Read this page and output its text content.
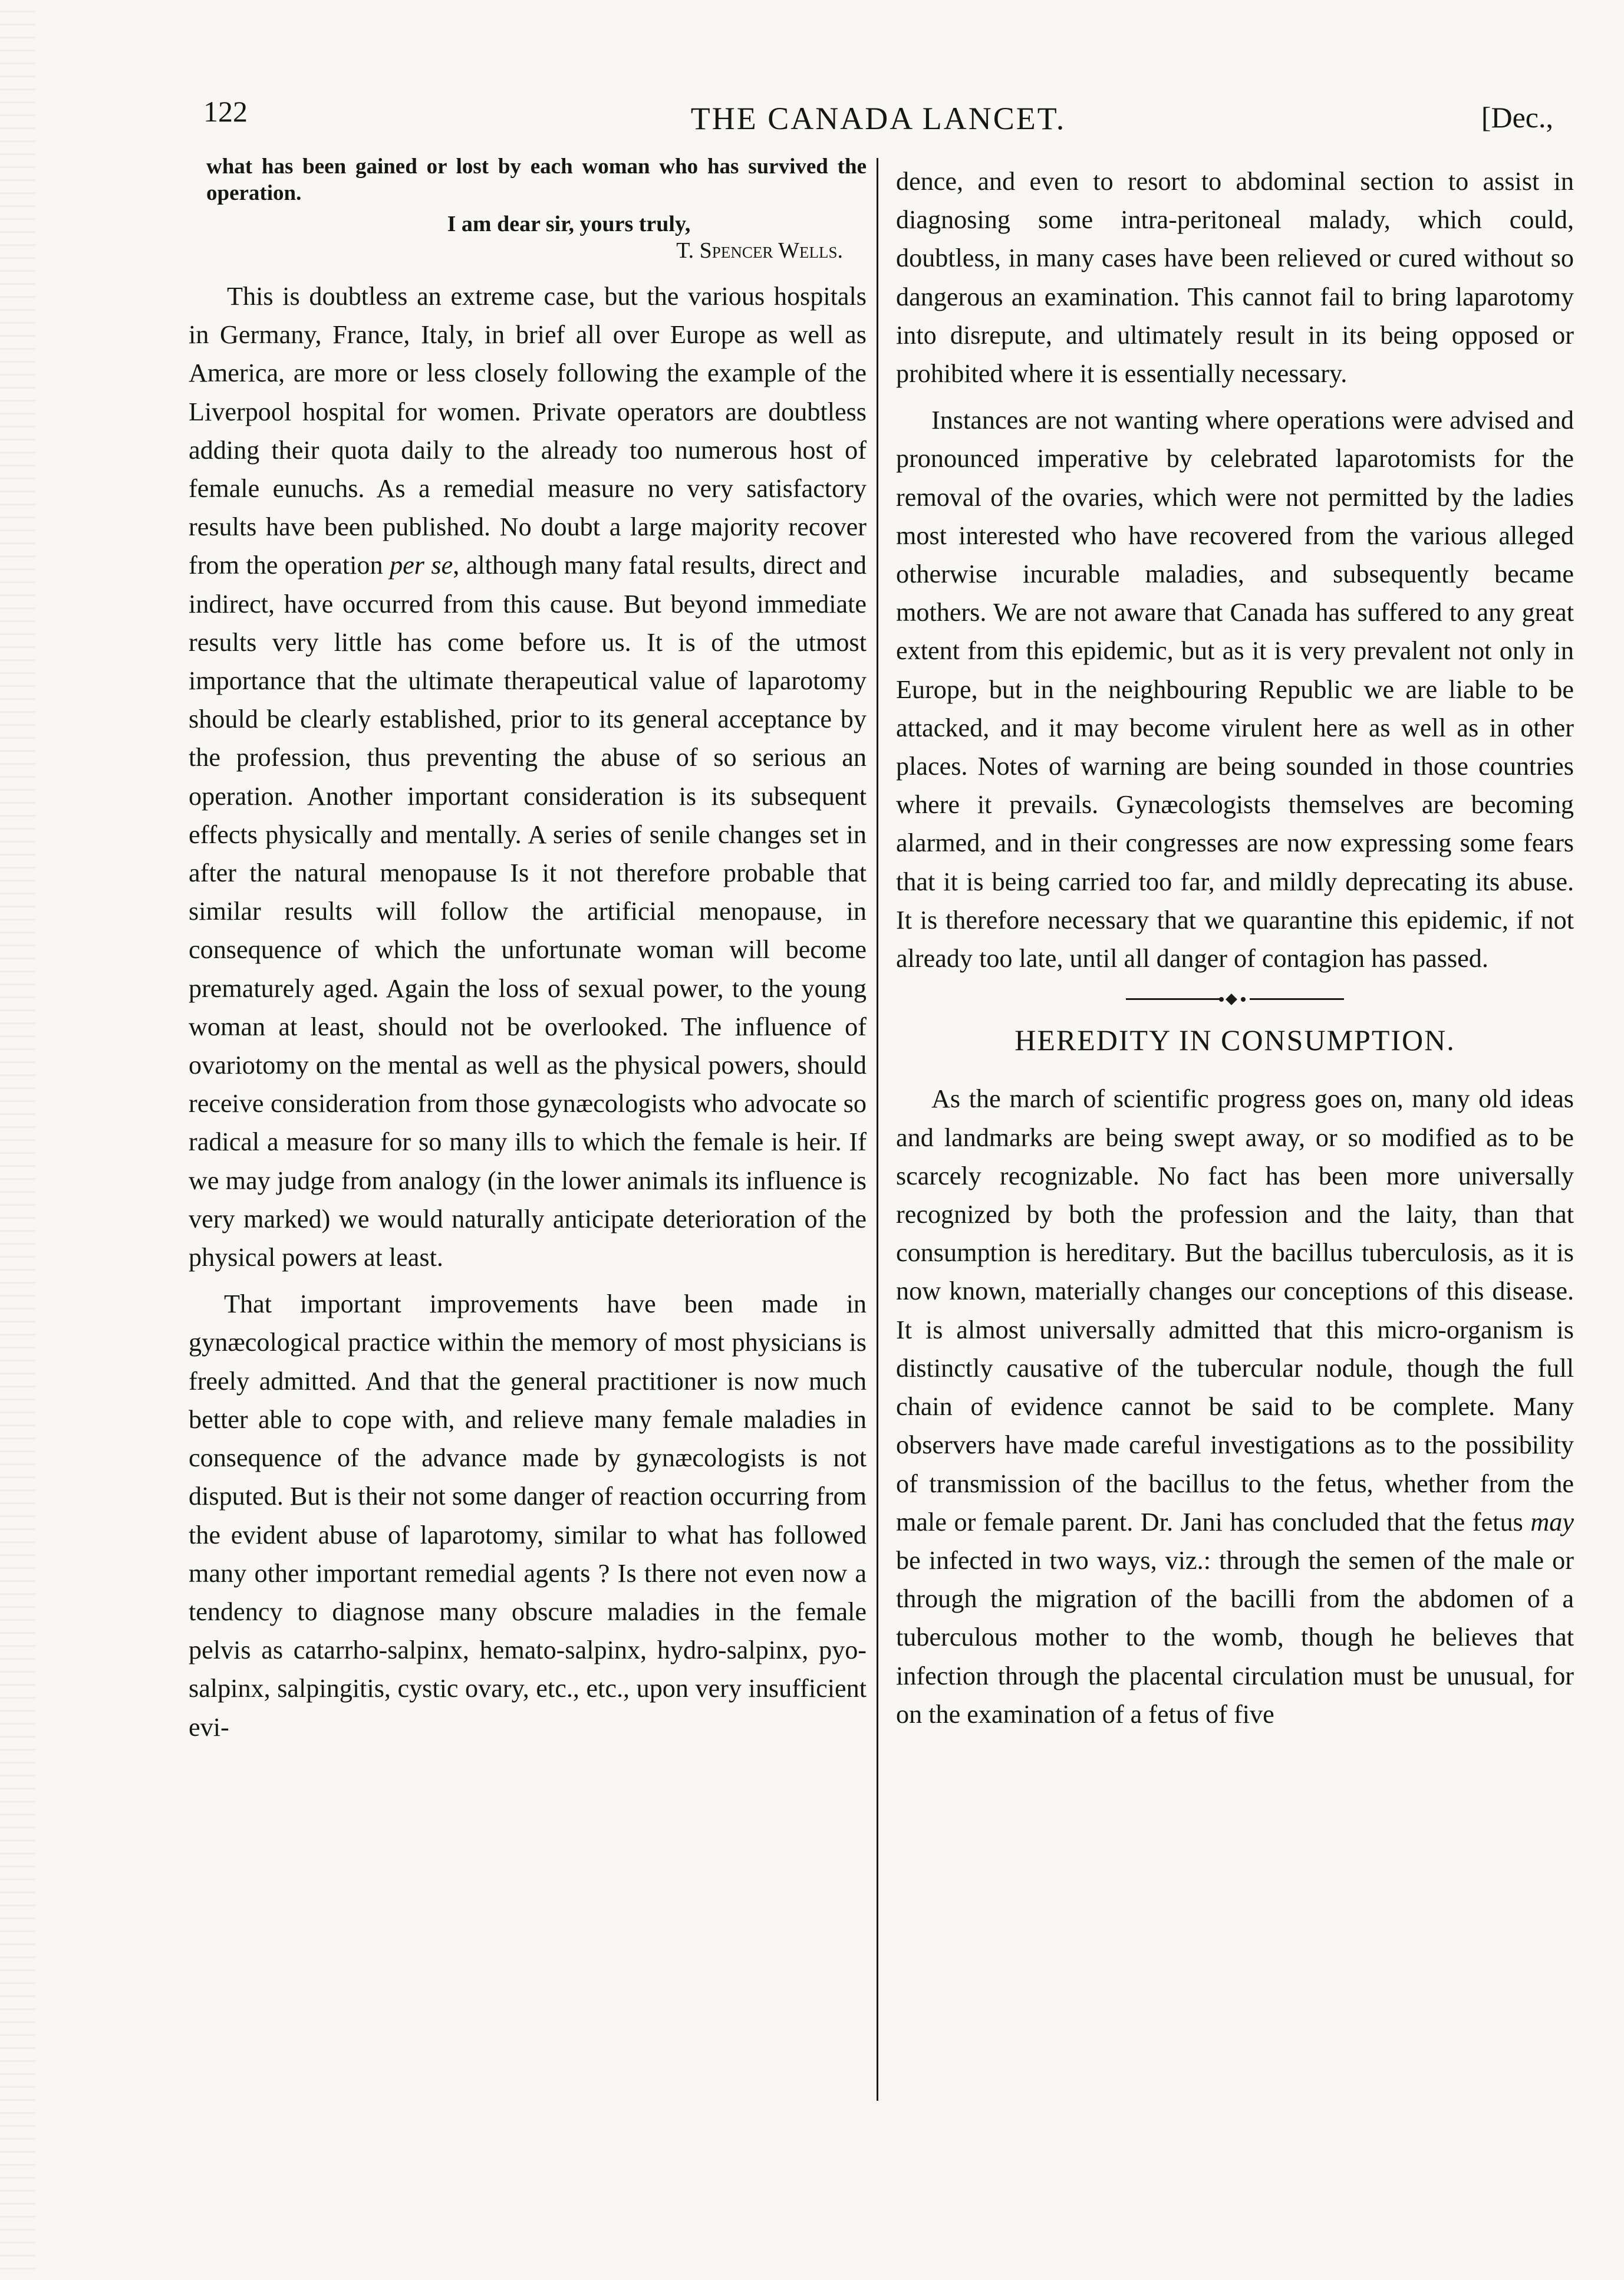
122	THE CANADA LANCET.	[Dec.,
what has been gained or lost by each woman who has survived the operation.
I am dear sir, yours truly,
T. Spencer Wells.

This is doubtless an extreme case, but the various hospitals in Germany, France, Italy, in brief all over Europe as well as America, are more or less closely following the example of the Liverpool hospital for women. Private operators are doubtless adding their quota daily to the already too numerous host of female eunuchs. As a remedial measure no very satisfactory results have been published. No doubt a large majority recover from the operation per se, although many fatal results, direct and indirect, have occurred from this cause. But beyond immediate results very little has come before us. It is of the utmost importance that the ultimate therapeutical value of laparotomy should be clearly established, prior to its general acceptance by the profession, thus preventing the abuse of so serious an operation. Another important consideration is its subsequent effects physically and mentally. A series of senile changes set in after the natural menopause Is it not therefore probable that similar results will follow the artificial menopause, in consequence of which the unfortunate woman will become prematurely aged. Again the loss of sexual power, to the young woman at least, should not be overlooked. The influence of ovariotomy on the mental as well as the physical powers, should receive consideration from those gynæcologists who advocate so radical a measure for so many ills to which the female is heir. If we may judge from analogy (in the lower animals its influence is very marked) we would naturally anticipate deterioration of the physical powers at least.

That important improvements have been made in gynæcological practice within the memory of most physicians is freely admitted. And that the general practitioner is now much better able to cope with, and relieve many female maladies in consequence of the advance made by gynæcologists is not disputed. But is their not some danger of reaction occurring from the evident abuse of laparotomy, similar to what has followed many other important remedial agents ? Is there not even now a tendency to diagnose many obscure maladies in the female pelvis as catarrho-salpinx, hemato-salpinx, hydro-salpinx, pyo-salpinx, salpingitis, cystic ovary, etc., etc., upon very insufficient evi-

dence, and even to resort to abdominal section to assist in diagnosing some intra-peritoneal malady, which could, doubtless, in many cases have been relieved or cured without so dangerous an examination. This cannot fail to bring laparotomy into disrepute, and ultimately result in its being opposed or prohibited where it is essentially necessary.

Instances are not wanting where operations were advised and pronounced imperative by celebrated laparotomists for the removal of the ovaries, which were not permitted by the ladies most interested who have recovered from the various alleged otherwise incurable maladies, and subsequently became mothers. We are not aware that Canada has suffered to any great extent from this epidemic, but as it is very prevalent not only in Europe, but in the neighbouring Republic we are liable to be attacked, and it may become virulent here as well as in other places. Notes of warning are being sounded in those countries where it prevails. Gynæcologists themselves are becoming alarmed, and in their congresses are now expressing some fears that it is being carried too far, and mildly deprecating its abuse. It is therefore necessary that we quarantine this epidemic, if not already too late, until all danger of contagion has passed.

HEREDITY IN CONSUMPTION.

As the march of scientific progress goes on, many old ideas and landmarks are being swept away, or so modified as to be scarcely recognizable. No fact has been more universally recognized by both the profession and the laity, than that consumption is hereditary. But the bacillus tuberculosis, as it is now known, materially changes our conceptions of this disease. It is almost universally admitted that this micro-organism is distinctly causative of the tubercular nodule, though the full chain of evidence cannot be said to be complete. Many observers have made careful investigations as to the possibility of transmission of the bacillus to the fetus, whether from the male or female parent. Dr. Jani has concluded that the fetus may be infected in two ways, viz.: through the semen of the male or through the migration of the bacilli from the abdomen of a tuberculous mother to the womb, though he believes that infection through the placental circulation must be unusual, for on the examination of a fetus of five
